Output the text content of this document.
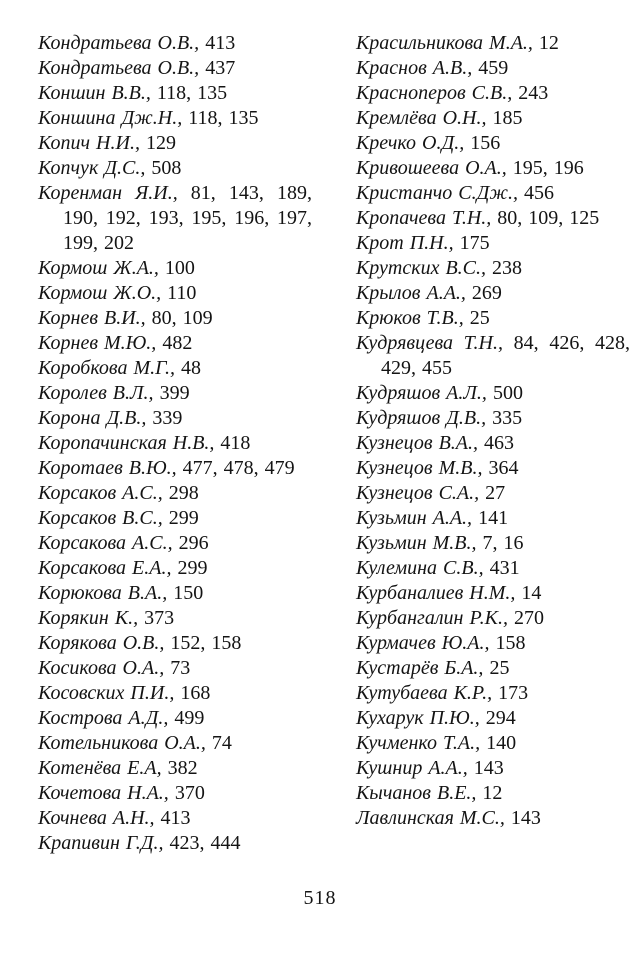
Кондратьева О.В., 413
Кондратьева О.В., 437
Коншин В.В., 118, 135
Коншина Дж.Н., 118, 135
Копич Н.И., 129
Копчук Д.С., 508
Коренман Я.И., 81, 143, 189, 190, 192, 193, 195, 196, 197, 199, 202
Кормош Ж.А., 100
Кормош Ж.О., 110
Корнев В.И., 80, 109
Корнев М.Ю., 482
Коробкова М.Г., 48
Королев В.Л., 399
Корона Д.В., 339
Коропачинская Н.В., 418
Коротаев В.Ю., 477, 478, 479
Корсаков А.С., 298
Корсаков В.С., 299
Корсакова А.С., 296
Корсакова Е.А., 299
Корюкова В.А., 150
Корякин К., 373
Корякова О.В., 152, 158
Косикова О.А., 73
Косовских П.И., 168
Кострова А.Д., 499
Котельникова О.А., 74
Котенёва Е.А, 382
Кочетова Н.А., 370
Кочнева А.Н., 413
Крапивин Г.Д., 423, 444
Красильникова М.А., 12
Краснов А.В., 459
Красноперов С.В., 243
Кремлёва О.Н., 185
Кречко О.Д., 156
Кривошеева О.А., 195, 196
Кристанчо С.Дж., 456
Кропачева Т.Н., 80, 109, 125
Крот П.Н., 175
Крутских В.С., 238
Крылов А.А., 269
Крюков Т.В., 25
Кудрявцева Т.Н., 84, 426, 428, 429, 455
Кудряшов А.Л., 500
Кудряшов Д.В., 335
Кузнецов В.А., 463
Кузнецов М.В., 364
Кузнецов С.А., 27
Кузьмин А.А., 141
Кузьмин М.В., 7, 16
Кулемина С.В., 431
Курбаналиев Н.М., 14
Курбангалин Р.К., 270
Курмачев Ю.А., 158
Кустарёв Б.А., 25
Кутубаева К.Р., 173
Кухарук П.Ю., 294
Кучменко Т.А., 140
Кушнир А.А., 143
Кычанов В.Е., 12
Лавлинская М.С., 143
518
